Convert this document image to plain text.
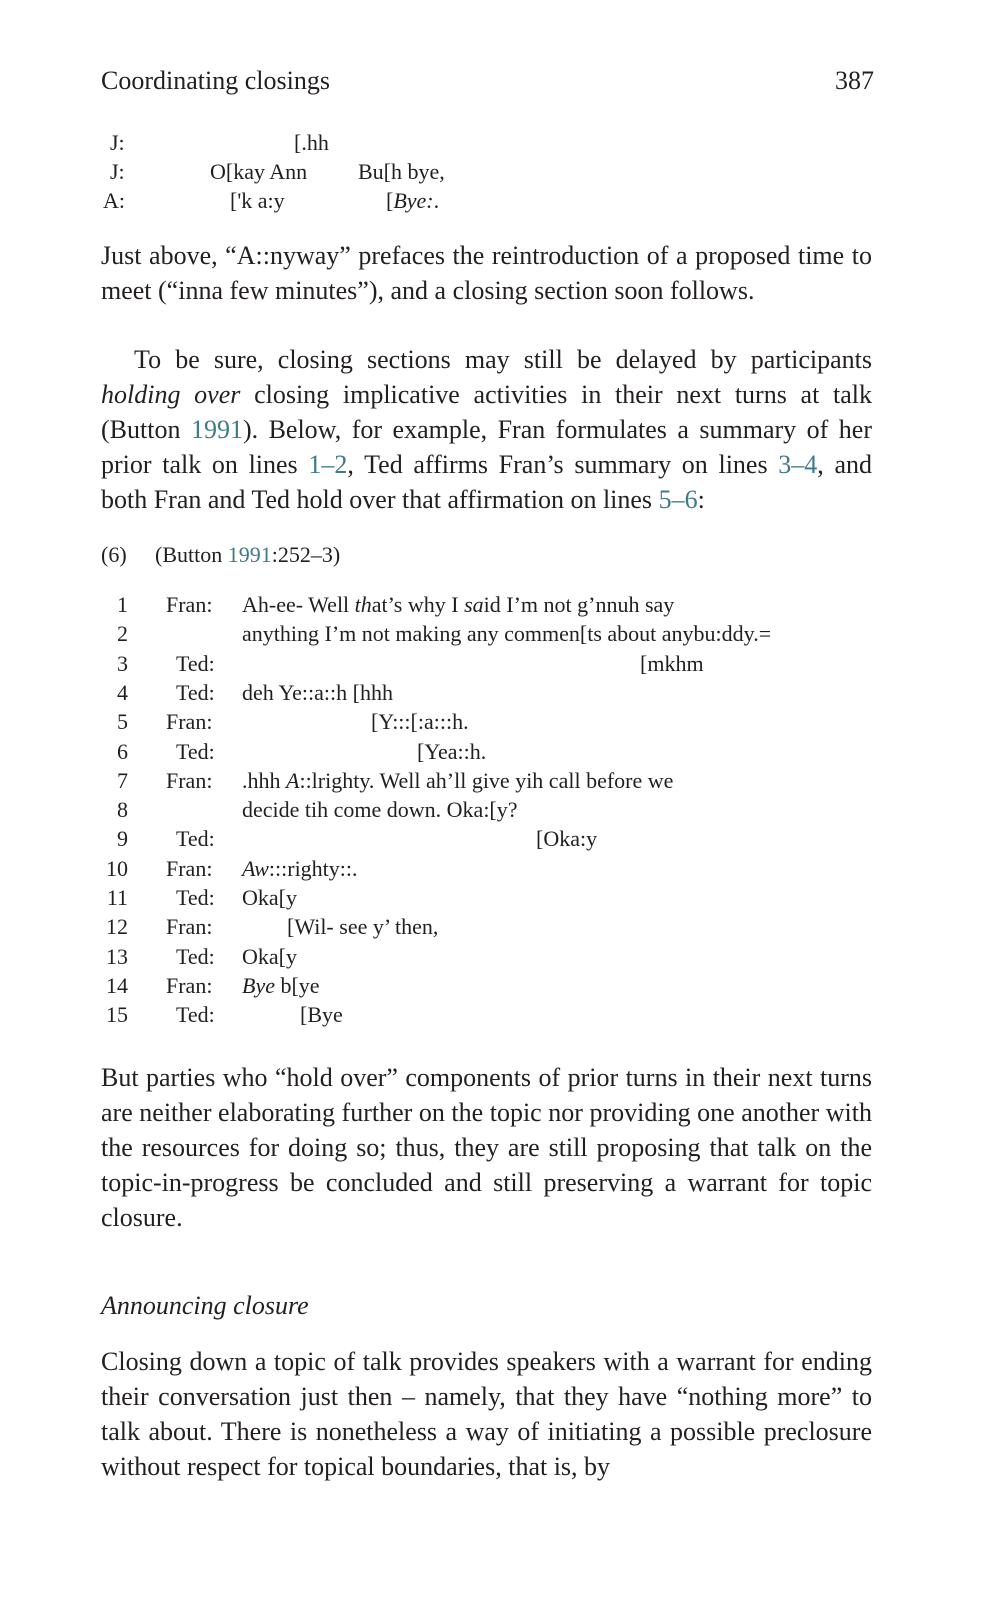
Coordinating closings	387
J:	[.hh
J:	O[kay Ann Bu[h bye,
A:	['k a:y	[Bye:.

Just above, “A::nyway” prefaces the reintroduction of a proposed time to meet (“inna few minutes”), and a closing section soon follows.

To be sure, closing sections may still be delayed by participants holding over closing implicative activities in their next turns at talk (Button 1991). Below, for example, Fran formulates a summary of her prior talk on lines 1–2, Ted affirms Fran’s summary on lines 3–4, and both Fran and Ted hold over that affirmation on lines 5–6:

(6) (Button 1991:252–3)
1 Fran: Ah-ee- Well that’s why I said I’m not g’nnuh say
2	anything I’m not making any commen[ts about anybu:ddy.=
3 Ted:	[mkhm
4 Ted: deh Ye::a::h [hhh
5 Fran:	[Y:::[:a:::h.
6 Ted:	[Yea::h.
7 Fran: .hhh A::lrighty. Well ah’ll give yih call before we
8	decide tih come down. Oka:[y?
9 Ted:	[Oka:y
10 Fran: Aw:::righty::.
11 Ted: Oka[y
12 Fran:	[Wil- see y’ then,
13 Ted: Oka[y
14 Fran: Bye b[ye
15 Ted:	[Bye

But parties who “hold over” components of prior turns in their next turns are neither elaborating further on the topic nor providing one another with the resources for doing so; thus, they are still proposing that talk on the topic-in-progress be concluded and still preserving a warrant for topic closure.

Announcing closure

Closing down a topic of talk provides speakers with a warrant for ending their conversation just then – namely, that they have “nothing more” to talk about. There is nonetheless a way of initiating a possible preclosure without respect for topical boundaries, that is, by
